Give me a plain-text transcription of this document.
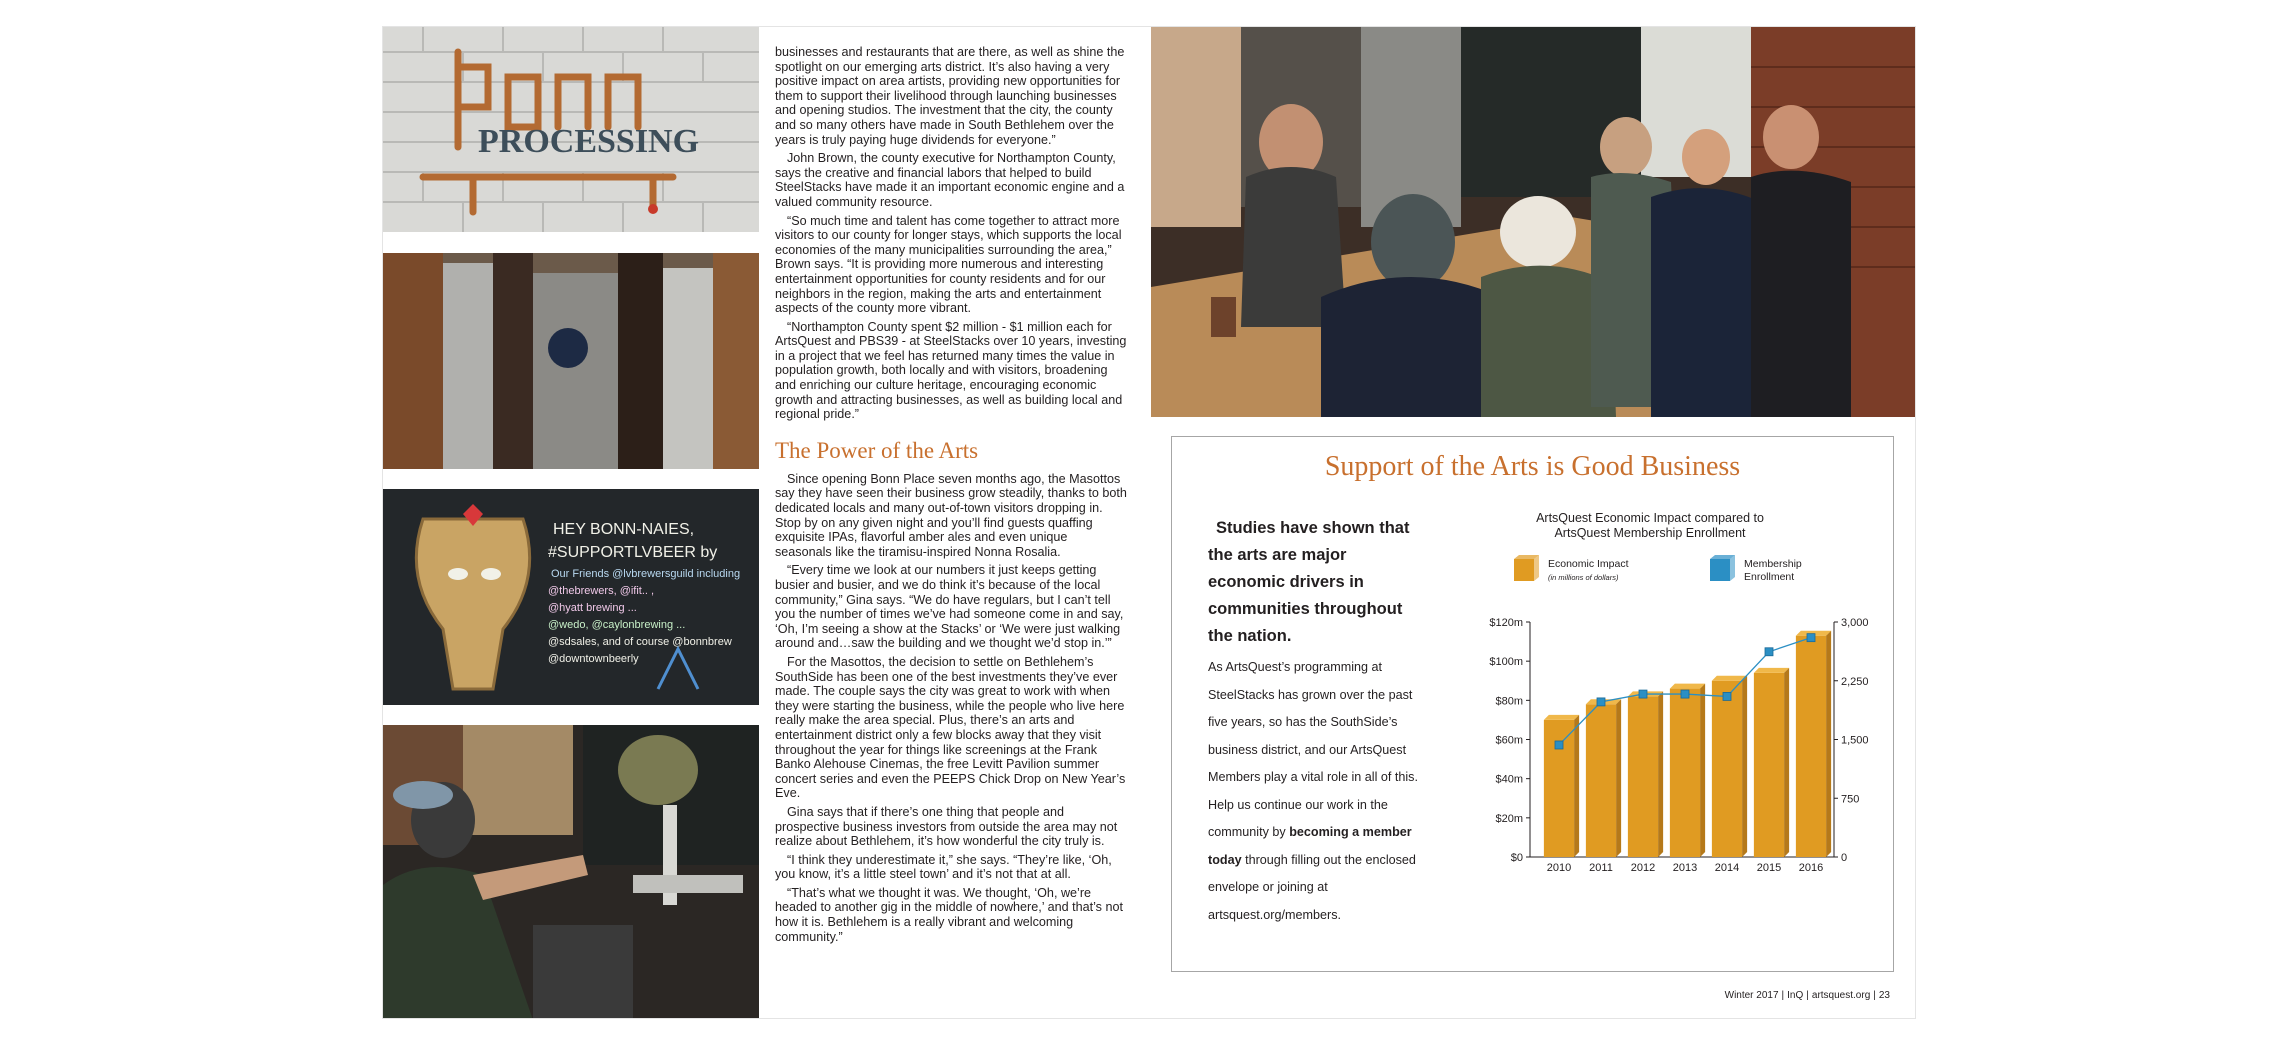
PROCESSING
HEY BONN-NAIES,
#SUPPORTLVBEER by
Our Friends @lvbrewersguild including
@thebrewers, @ifit.. ,
@hyatt brewing ...
@wedo, @caylonbrewing ...
@sdsales, and of course @bonnbrew
@downtownbeerly

businesses and restaurants that are there, as well as shine the spotlight on our emerging arts district. It’s also having a very positive impact on area artists, providing new opportunities for them to support their livelihood through launching businesses and opening studios. The investment that the city, the county and so many others have made in South Bethlehem over the years is truly paying huge dividends for everyone.”

John Brown, the county executive for Northampton County, says the creative and financial labors that helped to build SteelStacks have made it an important economic engine and a valued community resource.

“So much time and talent has come together to attract more visitors to our county for longer stays, which supports the local economies of the many municipalities surrounding the area,” Brown says. “It is providing more numerous and interesting entertainment opportunities for county residents and for our neighbors in the region, making the arts and entertainment aspects of the county more vibrant.

“Northampton County spent $2 million - $1 million each for ArtsQuest and PBS39 - at SteelStacks over 10 years, investing in a project that we feel has returned many times the value in population growth, both locally and with visitors, broadening and enriching our culture heritage, encouraging economic growth and attracting businesses, as well as building local and regional pride.”

The Power of the Arts

Since opening Bonn Place seven months ago, the Masottos say they have seen their business grow steadily, thanks to both dedicated locals and many out-of-town visitors dropping in. Stop by on any given night and you’ll find guests quaffing exquisite IPAs, flavorful amber ales and even unique seasonals like the tiramisu-inspired Nonna Rosalia.

“Every time we look at our numbers it just keeps getting busier and busier, and we do think it’s because of the local community,” Gina says. “We do have regulars, but I can’t tell you the number of times we’ve had someone come in and say, ‘Oh, I’m seeing a show at the Stacks’ or ‘We were just walking around and…saw the building and we thought we’d stop in.’”

For the Masottos, the decision to settle on Bethlehem’s SouthSide has been one of the best investments they’ve ever made. The couple says the city was great to work with when they were starting the business, while the people who live here really make the area special. Plus, there’s an arts and entertainment district only a few blocks away that they visit throughout the year for things like screenings at the Frank Banko Alehouse Cinemas, the free Levitt Pavilion summer concert series and even the PEEPS Chick Drop on New Year’s Eve.

Gina says that if there’s one thing that people and prospective business investors from outside the area may not realize about Bethlehem, it’s how wonderful the city truly is.

“I think they underestimate it,” she says. “They’re like, ‘Oh, you know, it’s a little steel town’ and it’s not that at all.

“That’s what we thought it was. We thought, ‘Oh, we’re headed to another gig in the middle of nowhere,’ and that’s not how it is. Bethlehem is a really vibrant and welcoming community.”

Support of the Arts is Good Business

Studies have shown that the arts are major economic drivers in communities throughout the nation.

As ArtsQuest’s programming at SteelStacks has grown over the past five years, so has the SouthSide’s business district, and our ArtsQuest Members play a vital role in all of this. Help us continue our work in the community by becoming a member today through filling out the enclosed envelope or joining at artsquest.org/members.

ArtsQuest Economic Impact compared to
ArtsQuest Membership Enrollment
Economic Impact
(in millions of dollars)
Membership
Enrollment
$0
$20m
$40m
$60m
$80m
$100m
$120m
0
750
1,500
2,250
3,000
2010 2011 2012 2013 2014 2015 2016
Winter 2017 | InQ | artsquest.org | 23
